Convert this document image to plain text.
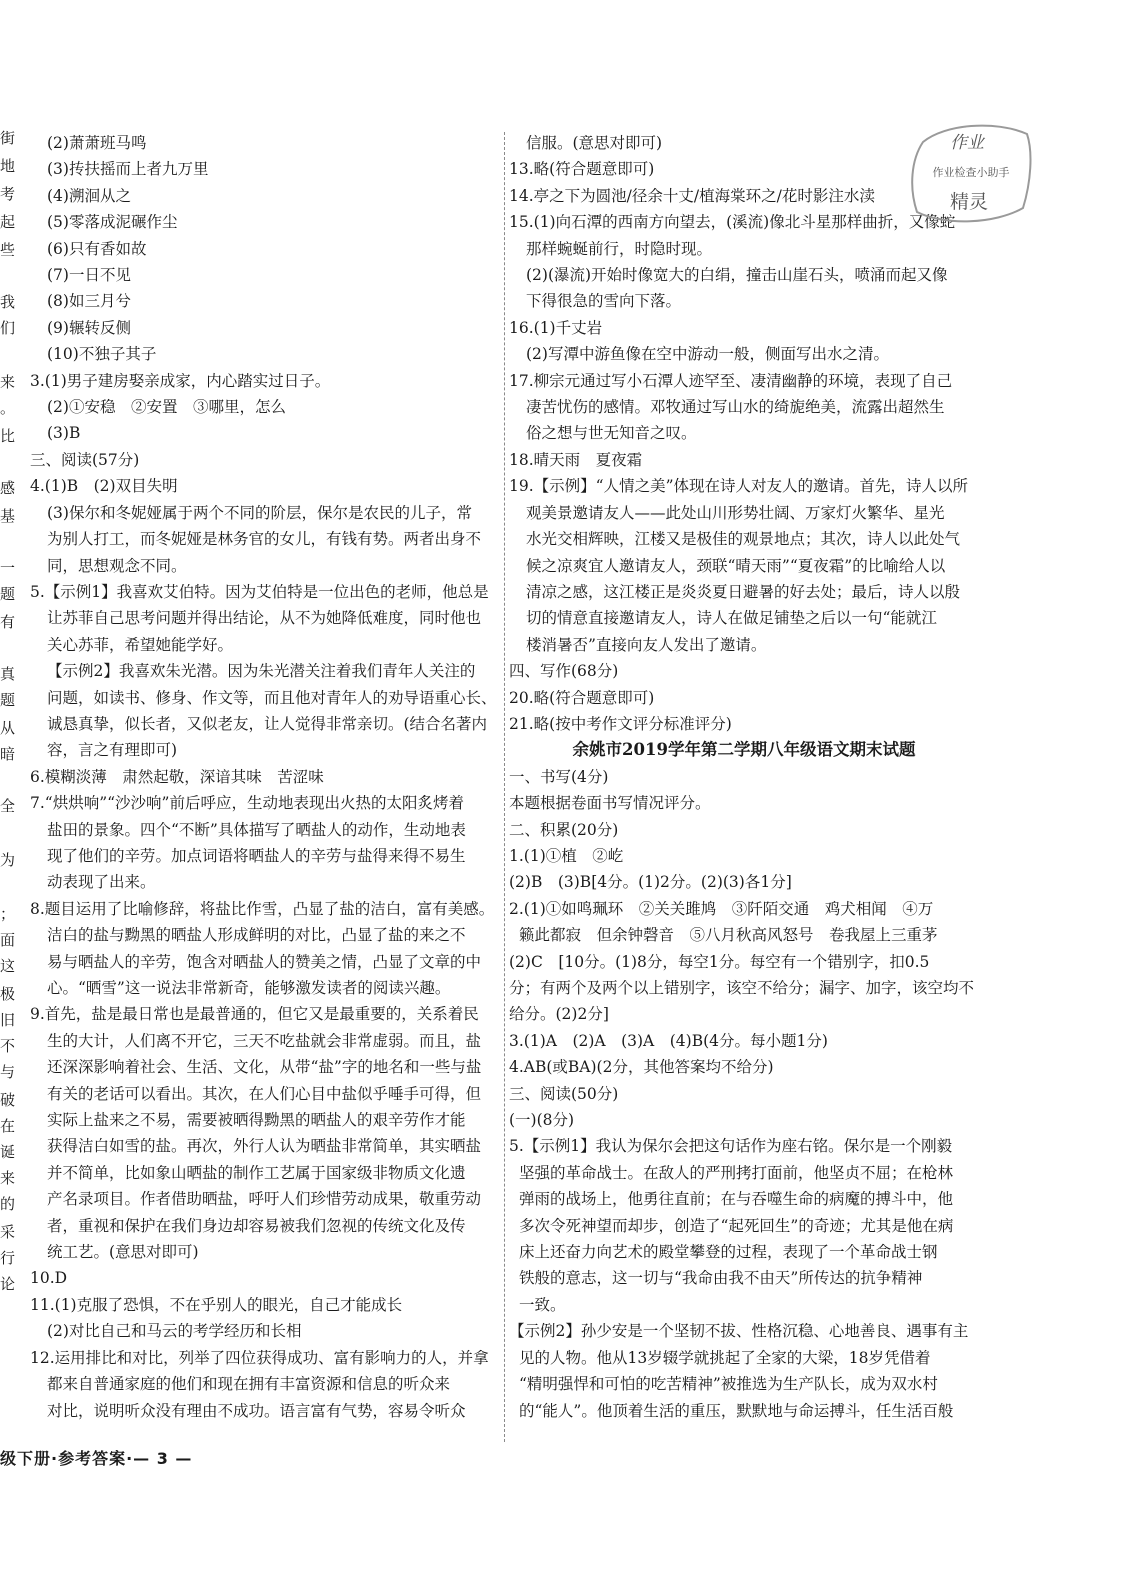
街
地
考
起
些
我
们
来
。
比
感
基
一
题
有
真
题
从
暗
全
为
；
面
这
极
旧
不
与
破
在
诞
来
的
采
行
论

(2)萧萧班马鸣

(3)抟扶摇而上者九万里

(4)溯洄从之

(5)零落成泥碾作尘

(6)只有香如故

(7)一日不见

(8)如三月兮

(9)辗转反侧

(10)不独子其子

3.(1)男子建房娶亲成家，内心踏实过日子。

(2)①安稳　②安置　③哪里，怎么

(3)B

三、阅读(57分)

4.(1)B　(2)双目失明

(3)保尔和冬妮娅属于两个不同的阶层，保尔是农民的儿子，常

为别人打工，而冬妮娅是林务官的女儿，有钱有势。两者出身不

同，思想观念不同。

5.【示例1】我喜欢艾伯特。因为艾伯特是一位出色的老师，他总是

让苏菲自己思考问题并得出结论，从不为她降低难度，同时他也

关心苏菲，希望她能学好。

【示例2】我喜欢朱光潜。因为朱光潜关注着我们青年人关注的

问题，如读书、修身、作文等，而且他对青年人的劝导语重心长、

诚恳真挚，似长者，又似老友，让人觉得非常亲切。(结合名著内

容，言之有理即可)

6.模糊淡薄　肃然起敬，深谙其味　苦涩味

7.“烘烘响”“沙沙响”前后呼应，生动地表现出火热的太阳炙烤着

盐田的景象。四个“不断”具体描写了晒盐人的动作，生动地表

现了他们的辛劳。加点词语将晒盐人的辛劳与盐得来得不易生

动表现了出来。

8.题目运用了比喻修辞，将盐比作雪，凸显了盐的洁白，富有美感。

洁白的盐与黝黑的晒盐人形成鲜明的对比，凸显了盐的来之不

易与晒盐人的辛劳，饱含对晒盐人的赞美之情，凸显了文章的中

心。“晒雪”这一说法非常新奇，能够激发读者的阅读兴趣。

9.首先，盐是最日常也是最普通的，但它又是最重要的，关系着民

生的大计，人们离不开它，三天不吃盐就会非常虚弱。而且，盐

还深深影响着社会、生活、文化，从带“盐”字的地名和一些与盐

有关的老话可以看出。其次，在人们心目中盐似乎唾手可得，但

实际上盐来之不易，需要被晒得黝黑的晒盐人的艰辛劳作才能

获得洁白如雪的盐。再次，外行人认为晒盐非常简单，其实晒盐

并不简单，比如象山晒盐的制作工艺属于国家级非物质文化遗

产名录项目。作者借助晒盐，呼吁人们珍惜劳动成果，敬重劳动

者，重视和保护在我们身边却容易被我们忽视的传统文化及传

统工艺。(意思对即可)

10.D

11.(1)克服了恐惧，不在乎别人的眼光，自己才能成长

(2)对比自己和马云的考学经历和长相

12.运用排比和对比，列举了四位获得成功、富有影响力的人，并拿

都来自普通家庭的他们和现在拥有丰富资源和信息的听众来

对比，说明听众没有理由不成功。语言富有气势，容易令听众

信服。(意思对即可)

13.略(符合题意即可)

14.亭之下为圆池/径余十丈/植海棠环之/花时影注水渎

15.(1)向石潭的西南方向望去，(溪流)像北斗星那样曲折，又像蛇

那样蜿蜒前行，时隐时现。

(2)(瀑流)开始时像宽大的白绢，撞击山崖石头，喷涌而起又像

下得很急的雪向下落。

16.(1)千丈岩

(2)写潭中游鱼像在空中游动一般，侧面写出水之清。

17.柳宗元通过写小石潭人迹罕至、凄清幽静的环境，表现了自己

凄苦忧伤的感情。邓牧通过写山水的绮旎绝美，流露出超然生

俗之想与世无知音之叹。

18.晴天雨　夏夜霜

19.【示例】“人情之美”体现在诗人对友人的邀请。首先，诗人以所

观美景邀请友人——此处山川形势壮阔、万家灯火繁华、星光

水光交相辉映，江楼又是极佳的观景地点；其次，诗人以此处气

候之凉爽宜人邀请友人，颈联“晴天雨”“夏夜霜”的比喻给人以

清凉之感，这江楼正是炎炎夏日避暑的好去处；最后，诗人以殷

切的情意直接邀请友人，诗人在做足铺垫之后以一句“能就江

楼消暑否”直接向友人发出了邀请。

四、写作(68分)

20.略(符合题意即可)

21.略(按中考作文评分标准评分)

余姚市2019学年第二学期八年级语文期末试题

一、书写(4分)

本题根据卷面书写情况评分。

二、积累(20分)

1.(1)①植　②屹

(2)B　(3)B[4分。(1)2分。(2)(3)各1分]

2.(1)①如鸣珮环　②关关雎鸠　③阡陌交通　鸡犬相闻　④万

籁此都寂　但余钟磬音　⑤八月秋高风怒号　卷我屋上三重茅

(2)C　[10分。(1)8分，每空1分。每空有一个错别字，扣0.5

分；有两个及两个以上错别字，该空不给分；漏字、加字，该空均不

给分。(2)2分]

3.(1)A　(2)A　(3)A　(4)B(4分。每小题1分)

4.AB(或BA)(2分，其他答案均不给分)

三、阅读(50分)

(一)(8分)

5.【示例1】我认为保尔会把这句话作为座右铭。保尔是一个刚毅

坚强的革命战士。在敌人的严刑拷打面前，他坚贞不屈；在枪林

弹雨的战场上，他勇往直前；在与吞噬生命的病魔的搏斗中，他

多次令死神望而却步，创造了“起死回生”的奇迹；尤其是他在病

床上还奋力向艺术的殿堂攀登的过程，表现了一个革命战士钢

铁般的意志，这一切与“我命由我不由天”所传达的抗争精神

一致。

【示例2】孙少安是一个坚韧不拔、性格沉稳、心地善良、遇事有主

见的人物。他从13岁辍学就挑起了全家的大梁，18岁凭借着

“精明强悍和可怕的吃苦精神”被推选为生产队长，成为双水村

的“能人”。他顶着生活的重压，默默地与命运搏斗，任生活百般

作业
作业检查小助手
精灵
级下册·参考答案·— 3 —
